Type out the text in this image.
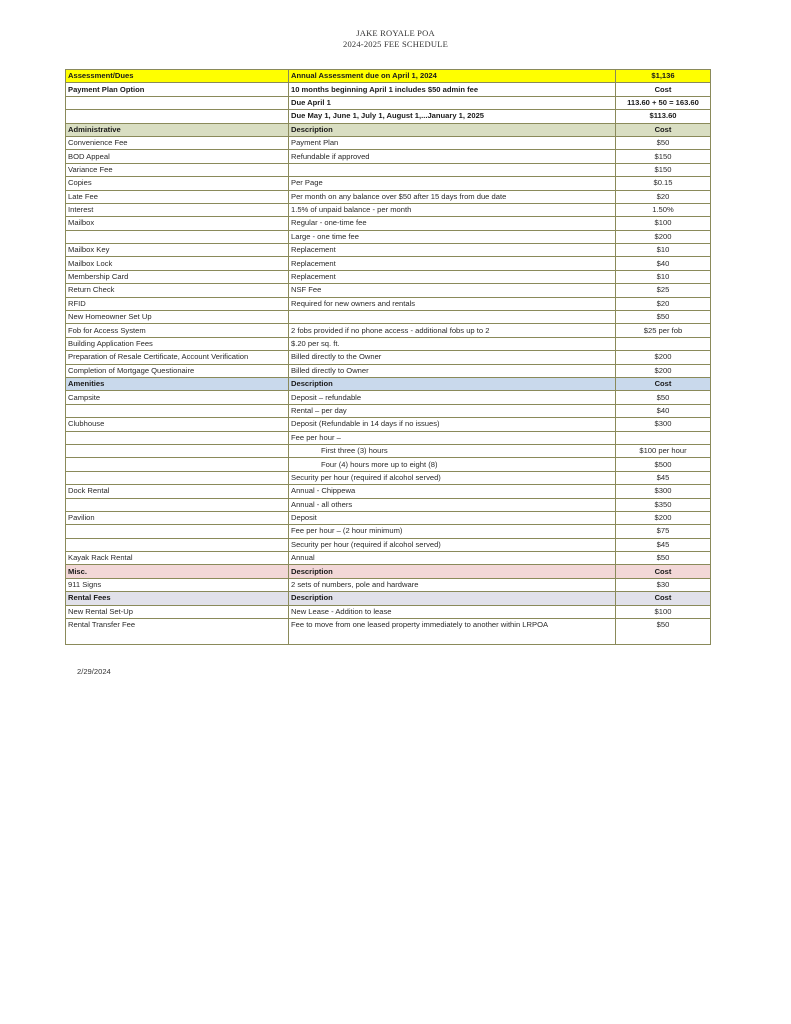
JAKE ROYALE POA
2024-2025 FEE SCHEDULE
Assessment/Dues	Annual Assessment due on April 1, 2024	$1,136
Payment Plan Option	10 months beginning April 1 includes $50 admin fee	Cost
	Due April 1	113.60 + 50 = 163.60
	Due May 1, June 1, July 1, August 1,...January 1, 2025	$113.60
Administrative	Description	Cost
Convenience Fee	Payment Plan	$50
BOD Appeal	Refundable if approved	$150
Variance Fee		$150
Copies	Per Page	$0.15
Late Fee	Per month on any balance over $50 after 15 days from due date	$20
Interest	1.5% of unpaid balance - per month	1.50%
Mailbox	Regular - one-time fee	$100
	Large - one time fee	$200
Mailbox Key	Replacement	$10
Mailbox Lock	Replacement	$40
Membership Card	Replacement	$10
Return Check	NSF Fee	$25
RFID	Required for new owners and rentals	$20
New Homeowner Set Up		$50
Fob for Access System	2 fobs provided if no phone access - additional fobs up to 2	$25 per fob
Building Application Fees	$.20 per sq. ft.	
Preparation of Resale Certificate, Account Verification	Billed directly to the Owner	$200
Completion of Mortgage Questionaire	Billed directly to Owner	$200
Amenities	Description	Cost
Campsite	Deposit – refundable	$50
	Rental – per day	$40
Clubhouse	Deposit (Refundable in 14 days if no issues)	$300
	Fee per hour –	
	First three (3) hours	$100 per hour
	Four (4) hours more up to eight (8)	$500
	Security per hour (required if alcohol served)	$45
Dock Rental	Annual - Chippewa	$300
	Annual - all others	$350
Pavilion	Deposit	$200
	Fee per hour – (2 hour minimum)	$75
	Security per hour (required if alcohol served)	$45
Kayak Rack Rental	Annual	$50
Misc.	Description	Cost
911 Signs	2 sets of numbers, pole and hardware	$30
Rental Fees	Description	Cost
New Rental Set-Up	New Lease - Addition to lease	$100
Rental Transfer Fee	Fee to move from one leased property immediately to another within LRPOA	$50
2/29/2024
